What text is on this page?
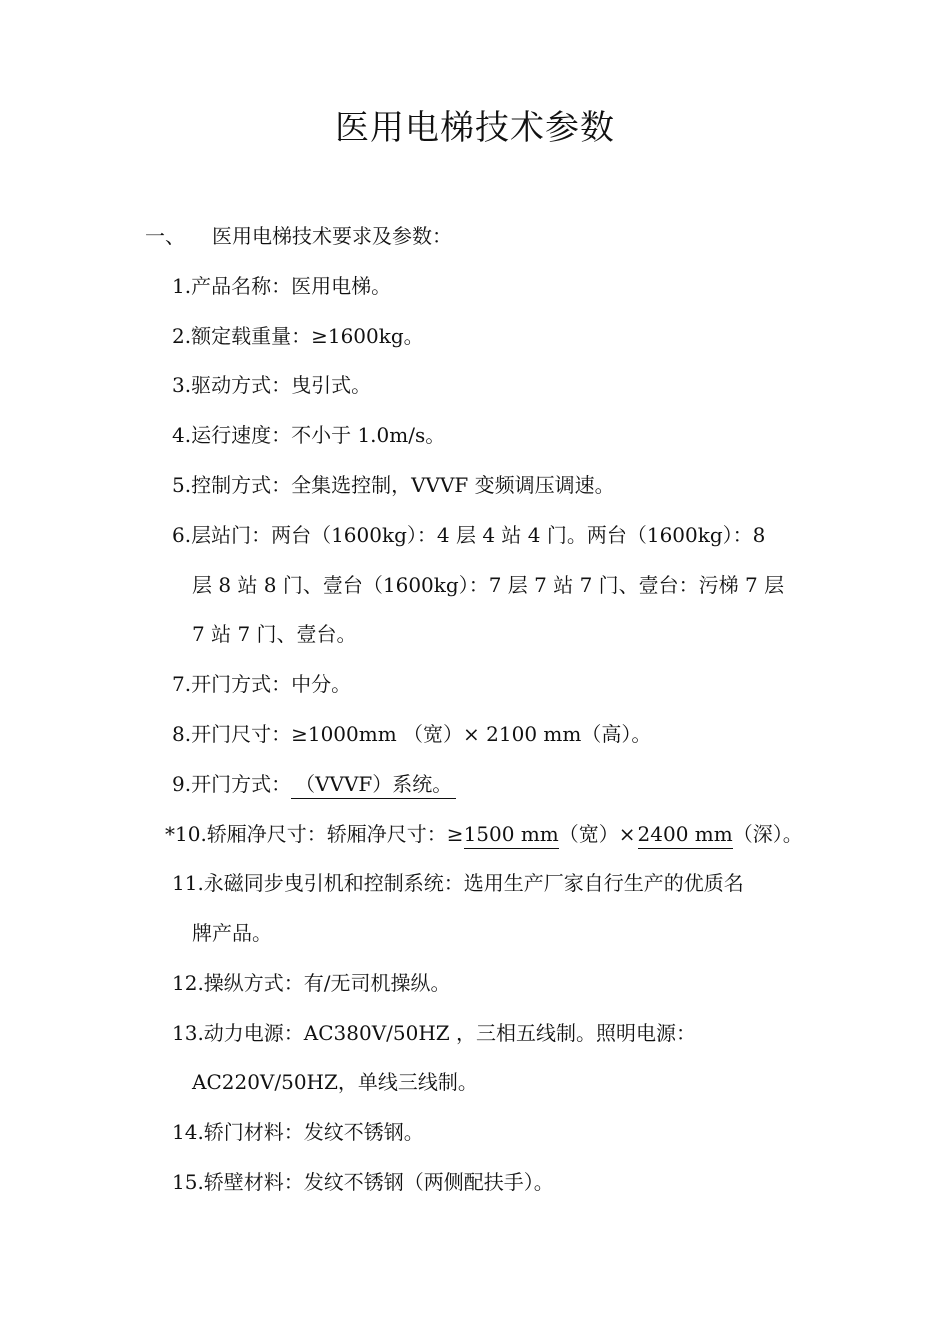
医用电梯技术参数
一、 医用电梯技术要求及参数：
1.产品名称：医用电梯。
2.额定载重量：≥1600kg。
3.驱动方式：曳引式。
4.运行速度：不小于 1.0m/s。
5.控制方式：全集选控制，VVVF 变频调压调速。
6.层站门：两台（1600kg）：4 层 4 站 4 门。两台（1600kg）：8
层 8 站 8 门、壹台（1600kg）：7 层 7 站 7 门、壹台：污梯 7 层
7 站 7 门、壹台。
7.开门方式：中分。
8.开门尺寸：≥1000mm （宽）× 2100 mm（高）。
9.开门方式： （VVVF）系统。
*10.轿厢净尺寸：轿厢净尺寸：≥1500 mm（宽）× 2400 mm（深）。
11.永磁同步曳引机和控制系统：选用生产厂家自行生产的优质名
牌产品。
12.操纵方式：有/无司机操纵。
13.动力电源：AC380V/50HZ ，三相五线制。照明电源：
AC220V/50HZ，单线三线制。
14.轿门材料：发纹不锈钢。
15.轿壁材料：发纹不锈钢（两侧配扶手）。
